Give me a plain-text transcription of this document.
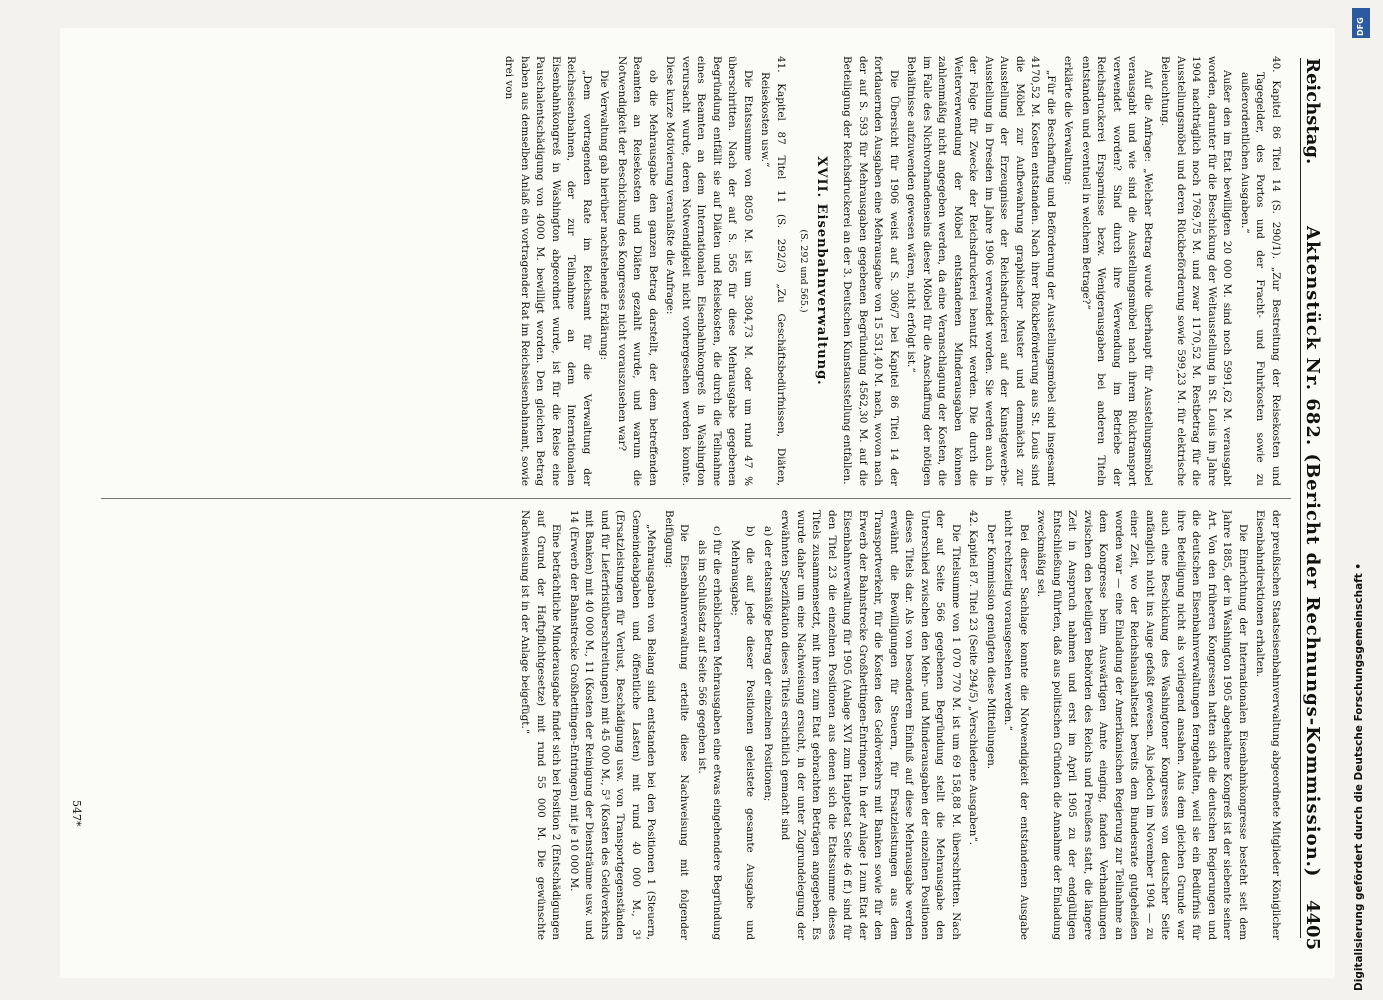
Reichstag.
Aktenstück Nr. 682. (Bericht der Rechnungs-Kommission.)
4405

40. Kapitel 86 Titel 14 (S. 290/1). „Zur Bestreitung der Reisekosten und Tagegelder, des Portos und der Fracht- und Fuhrkosten sowie zu außerordentlichen Ausgaben.“

Außer den im Etat bewilligten 20 000 M. sind noch 5991,62 M. verausgabt worden, darunter für die Beschickung der Weltausstellung in St. Louis im Jahre 1904 nachträglich noch 1769,75 M. und zwar 1170,52 M. Restbetrag für die Ausstellungsmöbel und deren Rückbeförderung sowie 599,23 M. für elektrische Beleuchtung.

Auf die Anfrage: „Welcher Betrag wurde überhaupt für Ausstellungsmöbel verausgabt und wie sind die Ausstellungsmöbel nach ihrem Rücktransport verwendet worden? Sind durch ihre Verwendung im Betriebe der Reichsdruckerei Ersparnisse bezw. Wenigerausgaben bei anderen Titeln entstanden und eventuell in welchem Betrage?“

erklärte die Verwaltung:

„Für die Beschaffung und Beförderung der Ausstellungsmöbel sind insgesamt 4170,52 M. Kosten entstanden. Nach ihrer Rückbeförderung aus St. Louis sind die Möbel zur Aufbewahrung graphischer Muster und demnächst zur Ausstellung der Erzeugnisse der Reichsdruckerei auf der Kunstgewerbe-Ausstellung in Dresden im Jahre 1906 verwendet worden. Sie werden auch in der Folge für Zwecke der Reichsdruckerei benutzt werden. Die durch die Weiterverwendung der Möbel entstandenen Minderausgaben können zahlenmäßig nicht angegeben werden, da eine Veranschlagung der Kosten, die im Falle des Nichtvorhandenseins dieser Möbel für die Anschaffung der nötigen Behältnisse aufzuwenden gewesen wären, nicht erfolgt ist.“

Die Übersicht für 1906 weist auf S. 306/7 bei Kapitel 86 Titel 14 der fortdauernden Ausgaben eine Mehrausgabe von 15 531,40 M. nach, wovon nach der auf S. 593 für Mehrausgaben gegebenen Begründung 4562,30 M. auf die Beteiligung der Reichsdruckerei an der 3. Deutschen Kunstausstellung entfallen.

XVII. Eisenbahnverwaltung.
(S. 292 und 565.)

41. Kapitel 87 Titel 11 (S. 292/3) „Zu Geschäftsbedürfnissen, Diäten, Reisekosten usw.“

Die Etatssumme von 8050 M. ist um 3804,73 M. oder um rund 47 % überschritten. Nach der auf S. 565 für diese Mehrausgabe gegebenen Begründung entfällt sie auf Diäten und Reisekosten, die durch die Teilnahme eines Beamten an dem Internationalen Eisenbahnkongreß in Washington verursacht wurde, deren Notwendigkeit nicht vorhergesehen werden konnte. Diese kurze Motivierung veranlaßte die Anfrage:

ob die Mehrausgabe den ganzen Betrag darstellt, der dem betreffenden Beamten an Reisekosten und Diäten gezahlt wurde, und warum die Notwendigkeit der Beschickung des Kongresses nicht vorauszusehen war?

Die Verwaltung gab hierüber nachstehende Erklärung:

„Dem vortragenden Rate im Reichsamt für die Verwaltung der Reichseisenbahnen, der zur Teilnahme an dem Internationalen Eisenbahnkongreß in Washington abgeordnet wurde, ist für die Reise eine Pauschalentschädigung von 4000 M. bewilligt worden. Den gleichen Betrag haben aus demselben Anlaß ein vortragender Rat im Reichseisenbahnamt, sowie drei von

der preußischen Staatseisenbahnverwaltung abgeordnete Mitglieder Königlicher Eisenbahndirektionen erhalten.

Die Einrichtung der Internationalen Eisenbahnkongresse besteht seit dem Jahre 1885, der in Washington 1905 abgehaltene Kongreß ist der siebente seiner Art. Von den früheren Kongressen hatten sich die deutschen Regierungen und die deutschen Eisenbahnverwaltungen ferngehalten, weil sie ein Bedürfnis für ihre Beteiligung nicht als vorliegend ansahen. Aus dem gleichen Grunde war auch eine Beschickung des Washingtoner Kongresses von deutscher Seite anfänglich nicht ins Auge gefaßt gewesen. Als jedoch im November 1904 — zu einer Zeit, wo der Reichshaushaltsetat bereits dem Bundesrate gutgeheißen worden war — eine Einladung der Amerikanischen Regierung zur Teilnahme an dem Kongresse beim Auswärtigen Amte einging, fanden Verhandlungen zwischen den beteiligten Behörden des Reichs und Preußens statt, die längere Zeit in Anspruch nahmen und erst im April 1905 zu der endgültigen Entschließung führten, daß aus politischen Gründen die Annahme der Einladung zweckmäßig sei.

Bei dieser Sachlage konnte die Notwendigkeit der entstandenen Ausgabe nicht rechtzeitig vorausgesehen werden.“

Der Kommission genügten diese Mitteilungen.

42. Kapitel 87. Titel 23 (Seite 294/5) „Verschiedene Ausgaben“.

Die Titelsumme von 1 070 770 M. ist um 69 158,88 M. überschritten. Nach der auf Seite 566 gegebenen Begründung stellt die Mehrausgabe den Unterschied zwischen den Mehr- und Minderausgaben der einzelnen Positionen dieses Titels dar. Als von besonderem Einfluß auf diese Mehrausgabe werden erwähnt die Bewilligungen für Steuern, für Ersatzleistungen aus dem Transportverkehr, für die Kosten des Geldverkehrs mit Banken sowie für den Erwerb der Bahnstrecke Großhettingen-Entringen. In der Anlage I zum Etat der Eisenbahnverwaltung für 1905 (Anlage XVI zum Hauptetat Seite 46 ff.) sind für den Titel 23 die einzelnen Positionen aus denen sich die Etatssumme dieses Titels zusammensetzt, mit ihren zum Etat gebrachten Beträgen angegeben. Es wurde daher um eine Nachweisung ersucht, in der unter Zugrundelegung der erwähnten Spezifikation dieses Titels ersichtlich gemacht sind

a) der etatsmäßige Betrag der einzelnen Positionen;

b) die auf jede dieser Positionen geleistete gesamte Ausgabe und Mehrausgabe;

c) für die erheblicheren Mehrausgaben eine etwas eingehendere Begründung als im Schlußsatz auf Seite 566 gegeben ist.

Die Eisenbahnverwaltung erteilte diese Nachweisung mit folgender Beifügung:

„Mehrausgaben von Belang sind entstanden bei den Positionen 1 (Steuern, Gemeindeabgaben und öffentliche Lasten) mit rund 40 000 M., 3¹ (Ersatzleistungen für Verlust, Beschädigung usw. von Transportgegenständen und für Lieferfristüberschreitungen) mit 45 000 M., 5³ (Kosten des Geldverkehrs mit Banken) mit 40 000 M., 11 (Kosten der Reinigung der Diensträume usw. und 14 (Erwerb der Bahnstrecke Großhettingen-Entringen) mit je 10 000 M.

Eine beträchtliche Minderausgabe findet sich bei Position 2 (Entschädigungen auf Grund der Haftpflichtgesetze) mit rund 55 000 M. Die gewünschte Nachweisung ist in der Anlage beigefügt.“

547*	Digitalisierung gefördert durch die Deutsche Forschungsgemeinschaft •
DFG
